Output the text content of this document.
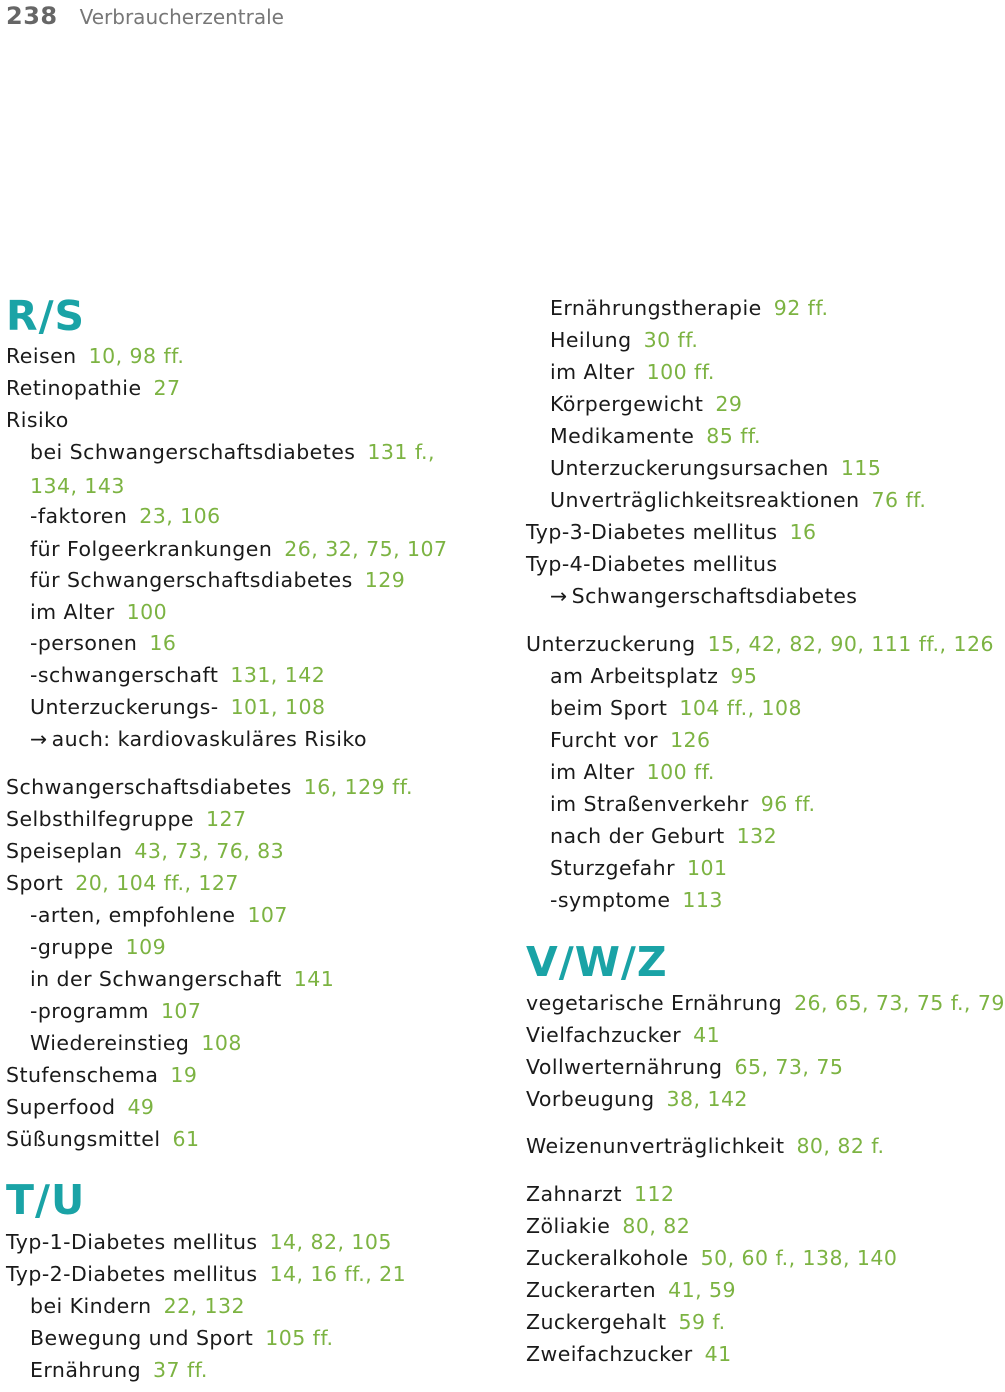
238 Verbraucherzentrale
R/S
Reisen 10, 98 ff.
Retinopathie 27
Risiko
bei Schwangerschaftsdiabetes 131 f.,
134, 143
-faktoren 23, 106
für Folgeerkrankungen 26, 32, 75, 107
für Schwangerschaftsdiabetes 129
im Alter 100
-personen 16
-schwangerschaft 131, 142
Unterzuckerungs- 101, 108
→ auch: kardiovaskuläres Risiko
Schwangerschaftsdiabetes 16, 129 ff.
Selbsthilfegruppe 127
Speiseplan 43, 73, 76, 83
Sport 20, 104 ff., 127
-arten, empfohlene 107
-gruppe 109
in der Schwangerschaft 141
-programm 107
Wiedereinstieg 108
Stufenschema 19
Superfood 49
Süßungsmittel 61
T/U
Typ-1-Diabetes mellitus 14, 82, 105
Typ-2-Diabetes mellitus 14, 16 ff., 21
bei Kindern 22, 132
Bewegung und Sport 105 ff.
Ernährung 37 ff.
Ernährungstherapie 92 ff.
Heilung 30 ff.
im Alter 100 ff.
Körpergewicht 29
Medikamente 85 ff.
Unterzuckerungsursachen 115
Unverträglichkeitsreaktionen 76 ff.
Typ-3-Diabetes mellitus 16
Typ-4-Diabetes mellitus
→ Schwangerschaftsdiabetes
Unterzuckerung 15, 42, 82, 90, 111 ff., 126
am Arbeitsplatz 95
beim Sport 104 ff., 108
Furcht vor 126
im Alter 100 ff.
im Straßenverkehr 96 ff.
nach der Geburt 132
Sturzgefahr 101
-symptome 113
V/W/Z
vegetarische Ernährung 26, 65, 73, 75 f., 79
Vielfachzucker 41
Vollwerternährung 65, 73, 75
Vorbeugung 38, 142
Weizenunverträglichkeit 80, 82 f.
Zahnarzt 112
Zöliakie 80, 82
Zuckeralkohole 50, 60 f., 138, 140
Zuckerarten 41, 59
Zuckergehalt 59 f.
Zweifachzucker 41
